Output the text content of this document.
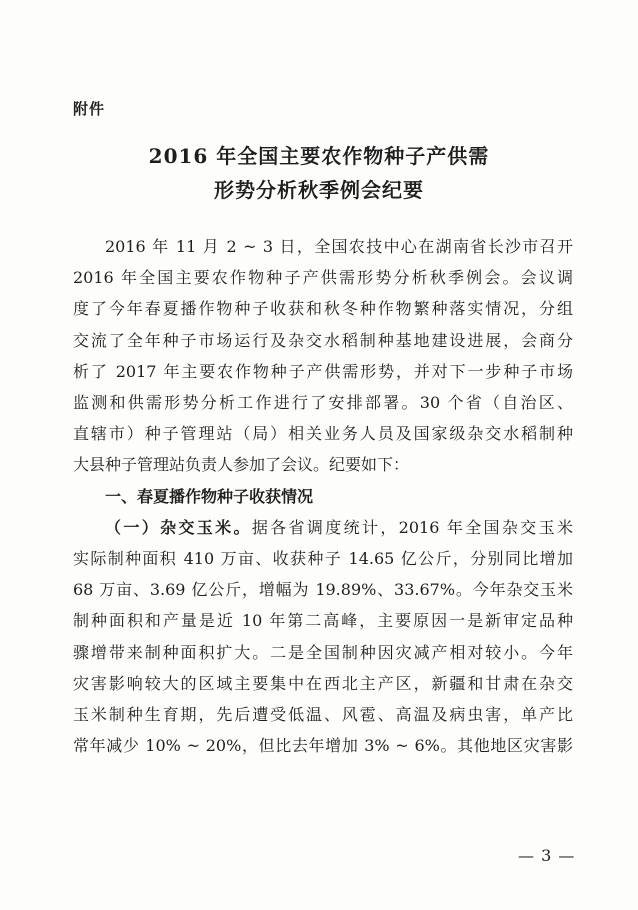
附件
2016 年全国主要农作物种子产供需
形势分析秋季例会纪要
2016 年 11 月 2 ~ 3 日，全国农技中心在湖南省长沙市召开
2016 年全国主要农作物种子产供需形势分析秋季例会。会议调
度了今年春夏播作物种子收获和秋冬种作物繁种落实情况，分组
交流了全年种子市场运行及杂交水稻制种基地建设进展，会商分
析了 2017 年主要农作物种子产供需形势，并对下一步种子市场
监测和供需形势分析工作进行了安排部署。30 个省（自治区、
直辖市）种子管理站（局）相关业务人员及国家级杂交水稻制种
大县种子管理站负责人参加了会议。纪要如下：
一、春夏播作物种子收获情况
（一）杂交玉米。据各省调度统计，2016 年全国杂交玉米
实际制种面积 410 万亩、收获种子 14.65 亿公斤，分别同比增加
68 万亩、3.69 亿公斤，增幅为 19.89%、33.67%。今年杂交玉米
制种面积和产量是近 10 年第二高峰，主要原因一是新审定品种
骤增带来制种面积扩大。二是全国制种因灾减产相对较小。今年
灾害影响较大的区域主要集中在西北主产区，新疆和甘肃在杂交
玉米制种生育期，先后遭受低温、风雹、高温及病虫害，单产比
常年减少 10% ~ 20%，但比去年增加 3% ~ 6%。其他地区灾害影
— 3 —
